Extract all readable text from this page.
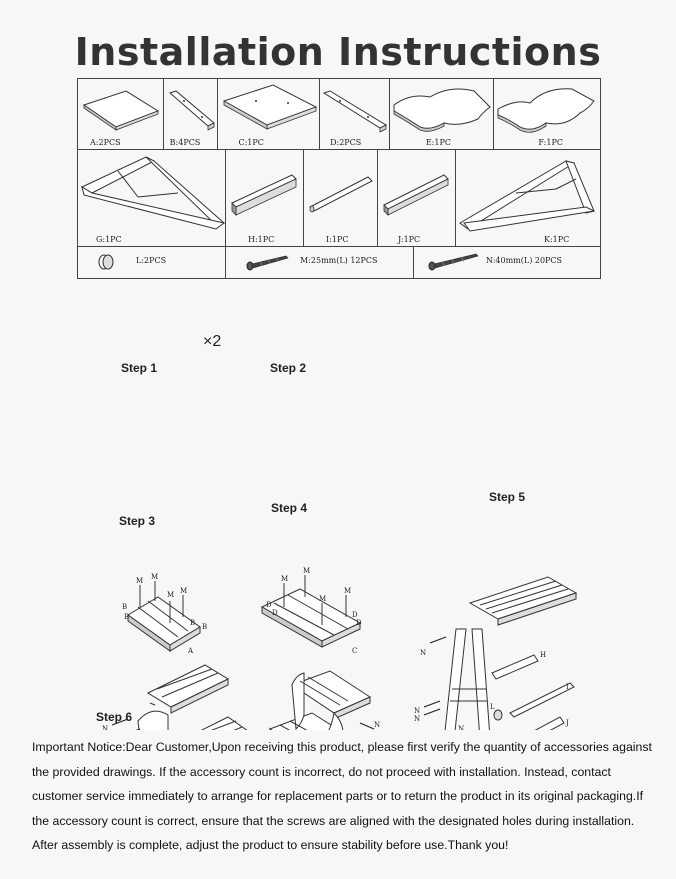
Installation Instructions
A:2PCS	B:4PCS	C:1PC	D:2PCS	E:1PC	F:1PC
G:1PC	H:1PC	I:1PC	J:1PC	K:1PC
L:2PCS	M:25mm(L) 12PCS	N:40mm(L) 20PCS
M M
M M
B
B
B B
A
M
M
M
M
D
D	D
D
C
N	N
N
N
N
N
L
H
I
J
Step 1
×2
Step 2
Step 3
Step 4
Step 5
Step 6
Important Notice:Dear Customer,Upon receiving this product, please first verify the quantity of accessories against the provided drawings. If the accessory count is incorrect, do not proceed with installation. Instead, contact customer service immediately to arrange for replacement parts or to return the product in its original packaging.If the accessory count is correct, ensure that the screws are aligned with the designated holes during installation. After assembly is complete, adjust the product to ensure stability before use.Thank you!
